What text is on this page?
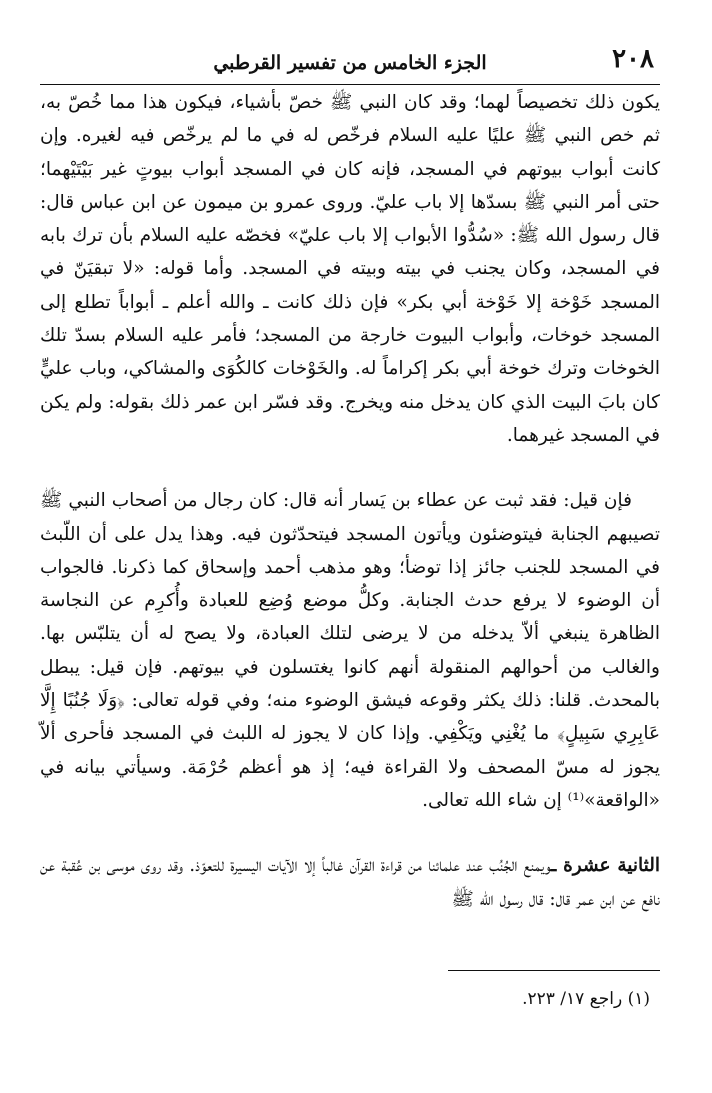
٢٠٨
الجزء الخامس من تفسير القرطبي

يكون ذلك تخصيصاً لهما؛ وقد كان النبي ﷺ خصّ بأشياء، فيكون هذا مما خُصّ به، ثم خص النبي ﷺ عليًا عليه السلام فرخّص له في ما لم يرخّص فيه لغيره. وإن كانت أبواب بيوتهم في المسجد، فإنه كان في المسجد أبواب بيوتٍ غير بَيْتَيْهما؛ حتى أمر النبي ﷺ بسدّها إلا باب عليّ. وروى عمرو بن ميمون عن ابن عباس قال: قال رسول الله ﷺ: «سُدُّوا الأبواب إلا باب عليّ» فخصّه عليه السلام بأن ترك بابه في المسجد، وكان يجنب في بيته وبيته في المسجد. وأما قوله: «لا تبقيَنّ في المسجد خَوْخة إلا خَوْخة أبي بكر» فإن ذلك كانت ـ والله أعلم ـ أبواباً تطلع إلى المسجد خوخات، وأبواب البيوت خارجة من المسجد؛ فأمر عليه السلام بسدّ تلك الخوخات وترك خوخة أبي بكر إكراماً له. والخَوْخات كالكُوَى والمشاكي، وباب عليٍّ كان بابَ البيت الذي كان يدخل منه ويخرج. وقد فسّر ابن عمر ذلك بقوله: ولم يكن في المسجد غيرهما.

فإن قيل: فقد ثبت عن عطاء بن يَسار أنه قال: كان رجال من أصحاب النبي ﷺ تصيبهم الجنابة فيتوضئون ويأتون المسجد فيتحدّثون فيه. وهذا يدل على أن اللّبث في المسجد للجنب جائز إذا توضأ؛ وهو مذهب أحمد وإسحاق كما ذكرنا. فالجواب أن الوضوء لا يرفع حدث الجنابة. وكلُّ موضع وُضِع للعبادة وأُكرِم عن النجاسة الظاهرة ينبغي ألاّ يدخله من لا يرضى لتلك العبادة، ولا يصح له أن يتلبّس بها. والغالب من أحوالهم المنقولة أنهم كانوا يغتسلون في بيوتهم. فإن قيل: يبطل بالمحدث. قلنا: ذلك يكثر وقوعه فيشق الوضوء منه؛ وفي قوله تعالى: ﴿وَلَا جُنُبًا إِلَّا عَابِرِي سَبِيلٍ﴾ ما يُغْنِي ويَكْفِي. وإذا كان لا يجوز له اللبث في المسجد فأحرى ألاّ يجوز له مسّ المصحف ولا القراءة فيه؛ إذ هو أعظم حُرْمَة. وسيأتي بيانه في «الواقعة»⁽¹⁾ إن شاء الله تعالى.

الثانية عشرة ـويمنع الجُنُب عند علمائنا من قراءة القرآن غالباً إلا الآيات اليسيرة للتعوّذ. وقد روى موسى بن عُقبة عن نافع عن ابن عمر قال: قال رسول الله ﷺ

(١) راجع ١٧/ ٢٢٣.
